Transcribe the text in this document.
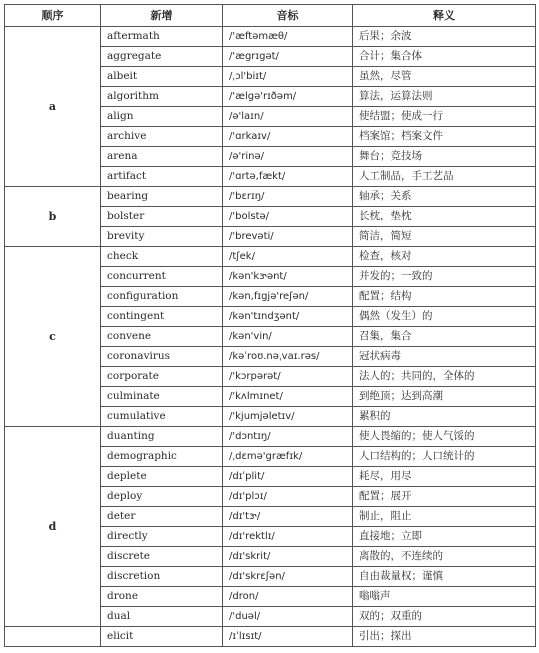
顺序	新增	音标	释义
a	aftermath	/'æftəmæθ/	后果；余波
	aggregate	/'ægrɪgət/	合计；集合体
	albeit	/ˌɔl'biɪt/	虽然，尽管
	algorithm	/'ælgə'rɪðəm/	算法，运算法则
	align	/ə'laɪn/	使结盟；使成一行
	archive	/'ɑrkaɪv/	档案馆；档案文件
	arena	/ə'rinə/	舞台；竞技场
	artifact	/'ɑrtə,fækt/	人工制品，手工艺品
b	bearing	/'bɛrɪŋ/	轴承；关系
	bolster	/'bolstə/	长枕，垫枕
	brevity	/'brevəti/	简洁，简短
c	check	/tʃek/	检查，核对
	concurrent	/kən'kɝənt/	并发的；一致的
	configuration	/kən,fɪgjə'reʃən/	配置；结构
	contingent	/kən'tɪndʒənt/	偶然（发生）的
	convene	/kən'vin/	召集，集合
	coronavirus	/kəˈroʊ.nəˌvaɪ.rəs/	冠状病毒
	corporate	/'kɔrpərət/	法人的；共同的，全体的
	culminate	/'kʌlmɪnet/	到绝顶；达到高潮
	cumulative	/'kjumjəletɪv/	累积的
d	duanting	/'dɔntɪŋ/	使人畏缩的；使人气馁的
	demographic	/ˌdɛmə'græfɪk/	人口结构的；人口统计的
	deplete	/dɪˈplit/	耗尽，用尽
	deploy	/dɪ'plɔɪ/	配置；展开
	deter	/dɪ'tɝ/	制止，阻止
	directly	/dɪ'rektlɪ/	直接地；立即
	discrete	/dɪ'skrit/	离散的，不连续的
	discretion	/dɪ'skrɛʃən/	自由裁量权；谨慎
	drone	/dron/	嗡嗡声
	dual	/'duəl/	双的；双重的
	elicit	/ɪˈlɪsɪt/	引出；探出
